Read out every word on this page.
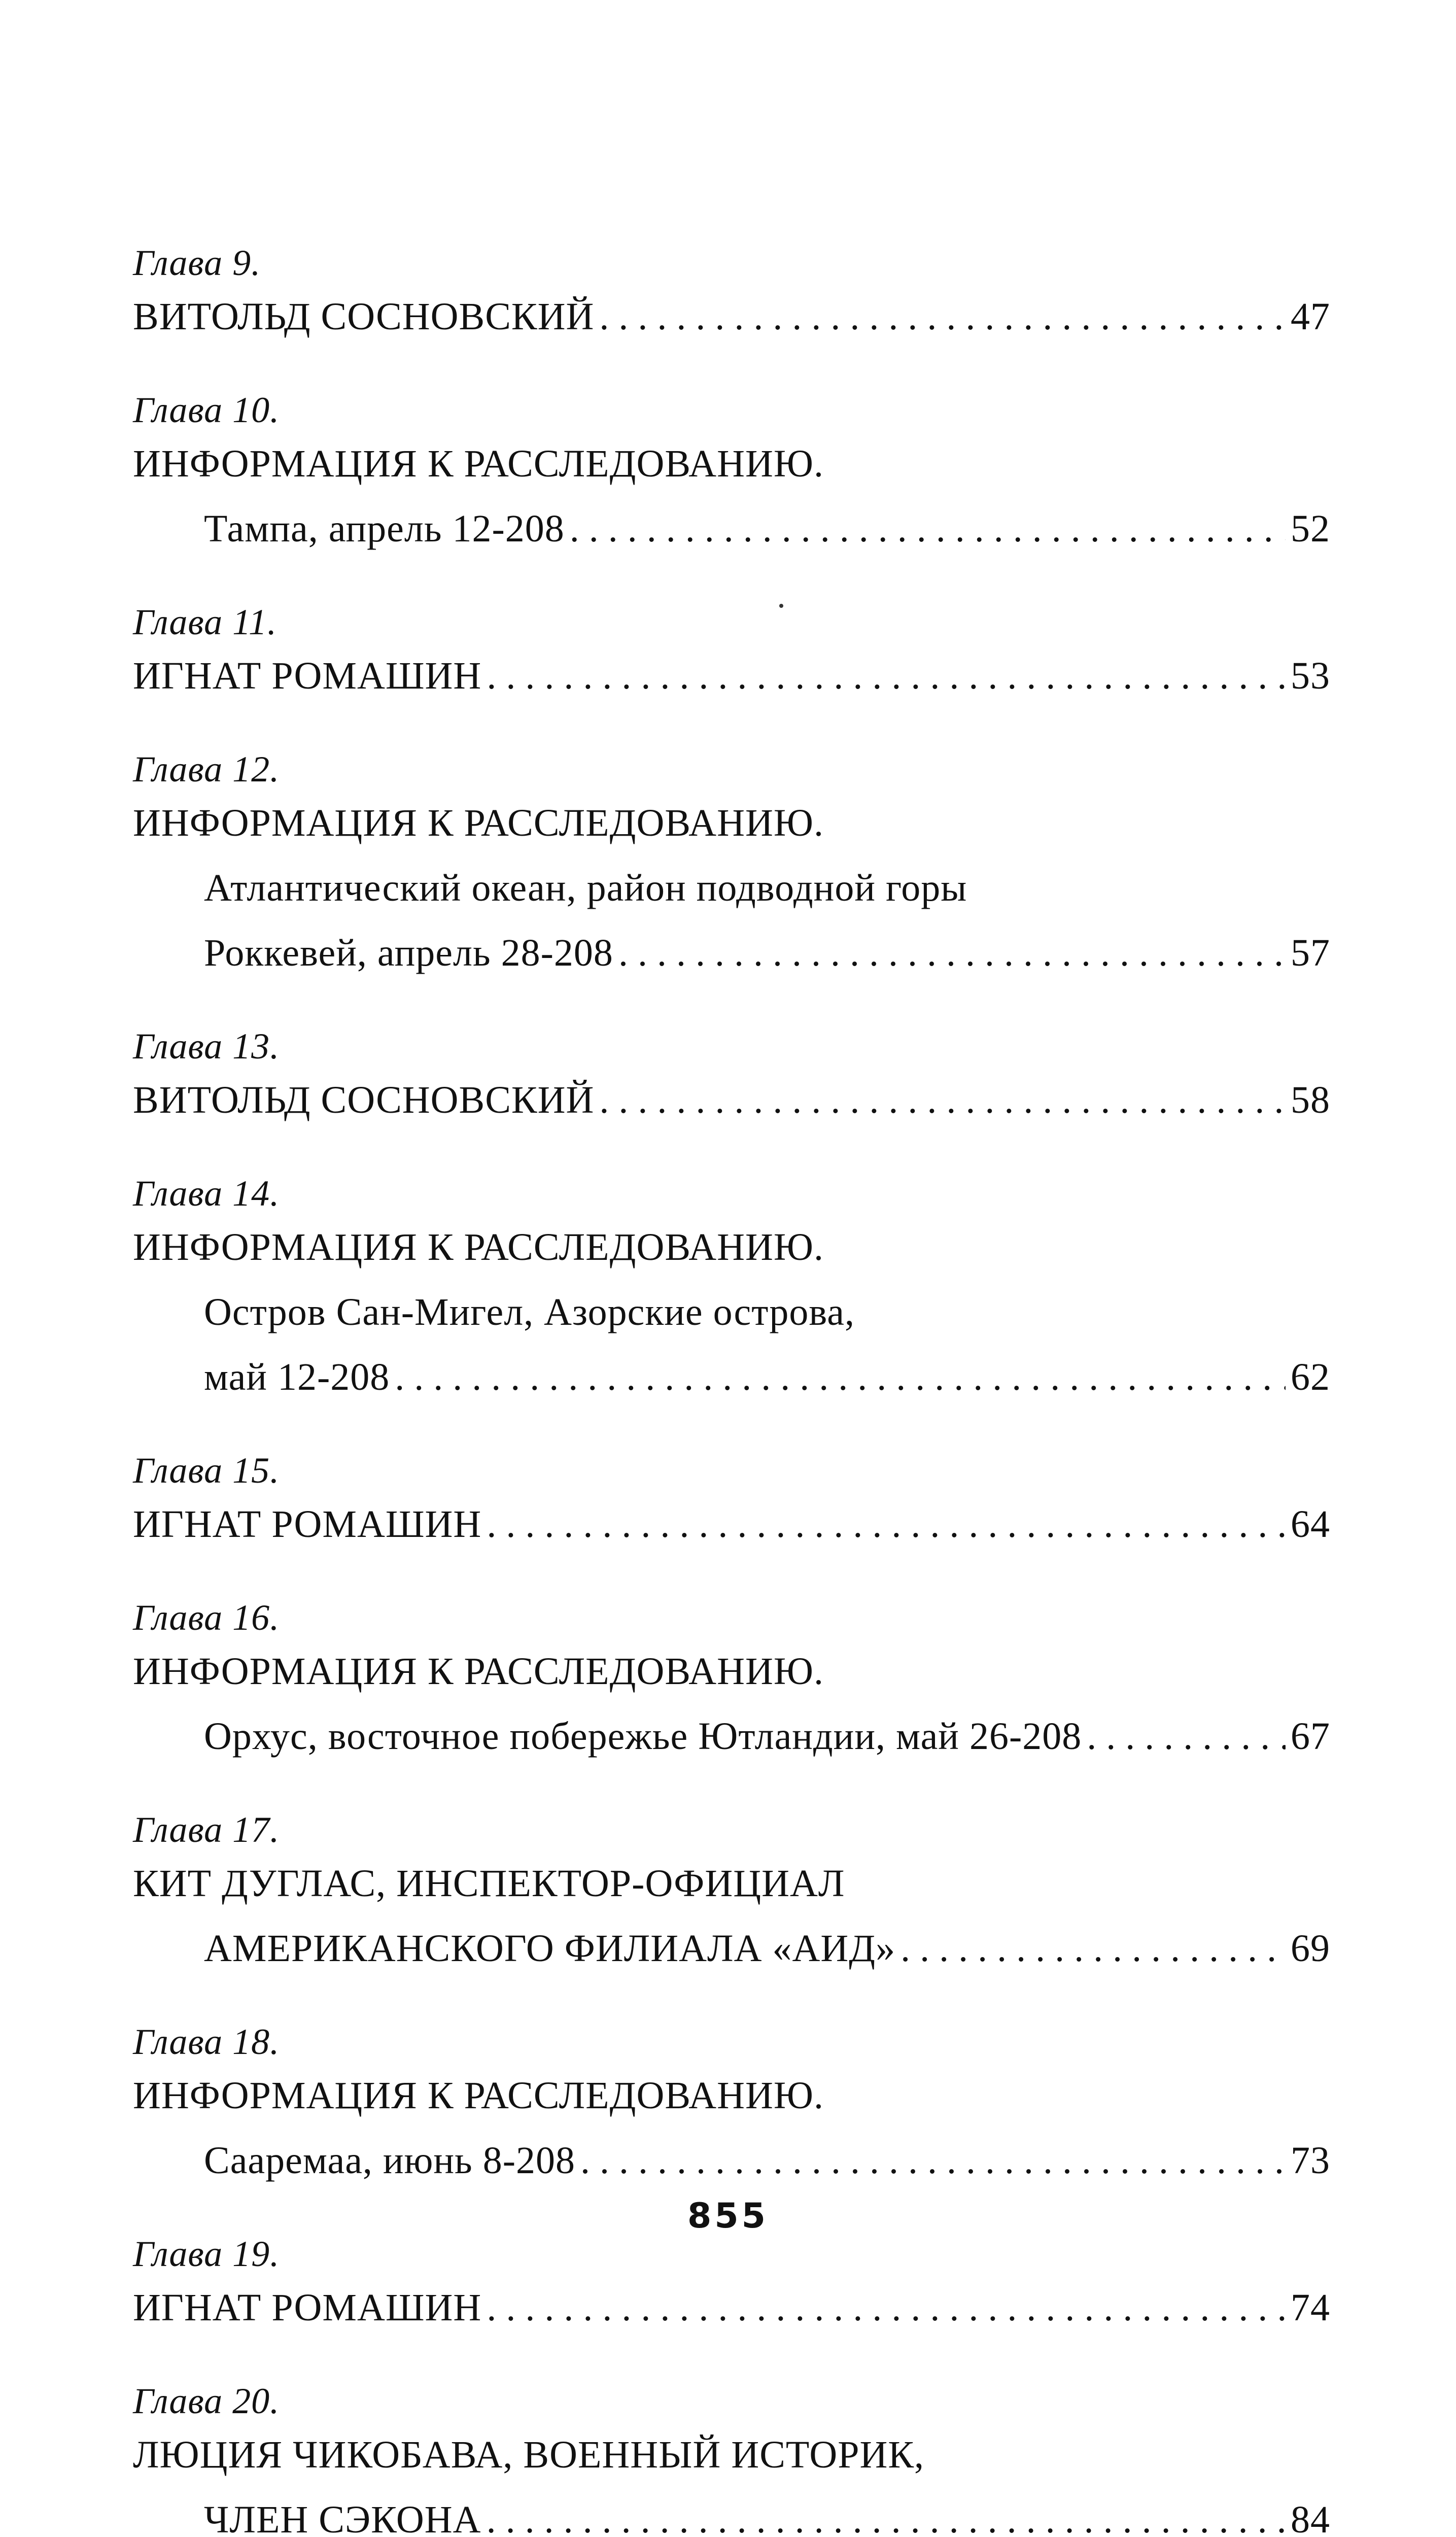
Глава 9.
ВИТОЛЬД СОСНОВСКИЙ . . .	47
Глава 10.
ИНФОРМАЦИЯ К РАССЛЕДОВАНИЮ.
Тампа, апрель 12-208 . . .	52
Глава 11.
ИГНАТ РОМАШИН . . .	53
Глава 12.
ИНФОРМАЦИЯ К РАССЛЕДОВАНИЮ.
Атлантический океан, район подводной горы
Роккевей, апрель 28-208 . . .	57
Глава 13.
ВИТОЛЬД СОСНОВСКИЙ . . .	58
Глава 14.
ИНФОРМАЦИЯ К РАССЛЕДОВАНИЮ.
Остров Сан-Мигел, Азорские острова,
май 12-208 . . .	62
Глава 15.
ИГНАТ РОМАШИН . . .	64
Глава 16.
ИНФОРМАЦИЯ К РАССЛЕДОВАНИЮ.
Орхус, восточное побережье Ютландии, май 26-208 . . .	67
Глава 17.
КИТ ДУГЛАС, ИНСПЕКТОР-ОФИЦИАЛ
АМЕРИКАНСКОГО ФИЛИАЛА «АИД» . . .	69
Глава 18.
ИНФОРМАЦИЯ К РАССЛЕДОВАНИЮ.
Сааремаа, июнь 8-208 . . .	73
Глава 19.
ИГНАТ РОМАШИН . . .	74
Глава 20.
ЛЮЦИЯ ЧИКОБАВА, ВОЕННЫЙ ИСТОРИК,
ЧЛЕН СЭКОНА . . .	84
855
